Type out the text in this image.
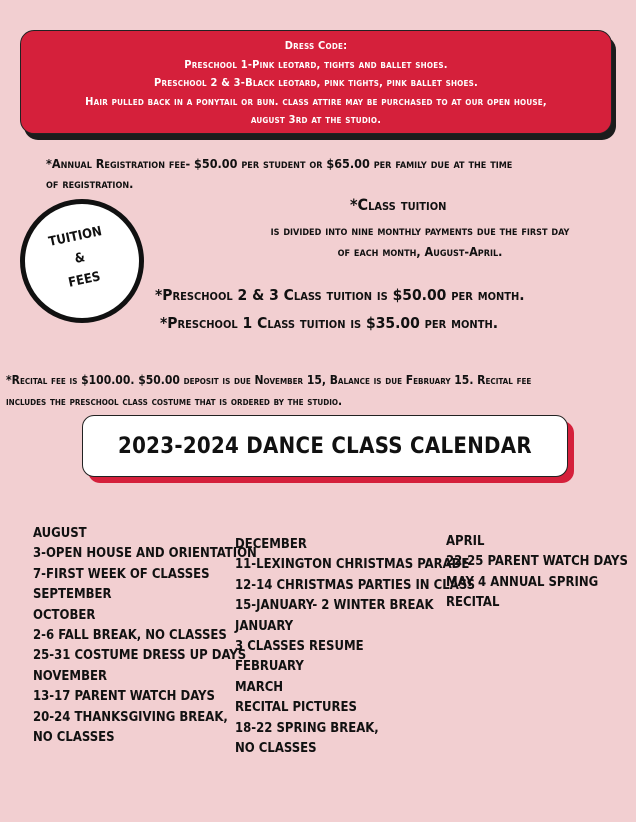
Dress Code:
Preschool 1-Pink leotard, tights and ballet shoes.
Preschool 2 & 3-Black leotard, pink tights, pink ballet shoes.
Hair pulled back in a ponytail or bun. class attire may be purchased to at our open house,
august 3rd at the studio.
*Annual Registration fee- $50.00 per student or $65.00 per family due at the time
of registration.
TUITION
&
FEES
*Class tuition
is divided into nine monthly payments due the first day
of each month, August-April.
*Preschool 2 & 3 Class tuition is $50.00 per month.
*Preschool 1 Class tuition is $35.00 per month.
*Recital fee is $100.00. $50.00 deposit is due November 15, Balance is due February 15. Recital fee
includes the preschool class costume that is ordered by the studio.
2023-2024 DANCE CLASS CALENDAR
AUGUST
3-OPEN HOUSE AND ORIENTATION
7-FIRST WEEK OF CLASSES
SEPTEMBER
OCTOBER
2-6 FALL BREAK, NO CLASSES
25-31 COSTUME DRESS UP DAYS
NOVEMBER
13-17 PARENT WATCH DAYS
20-24 THANKSGIVING BREAK,
NO CLASSES
DECEMBER
11-LEXINGTON CHRISTMAS PARADE
12-14 CHRISTMAS PARTIES IN CLASS
15-JANUARY- 2 WINTER BREAK
JANUARY
3 CLASSES RESUME
FEBRUARY
MARCH
RECITAL PICTURES
18-22 SPRING BREAK,
NO CLASSES
APRIL
22-25 PARENT WATCH DAYS
MAY 4 ANNUAL SPRING
RECITAL
